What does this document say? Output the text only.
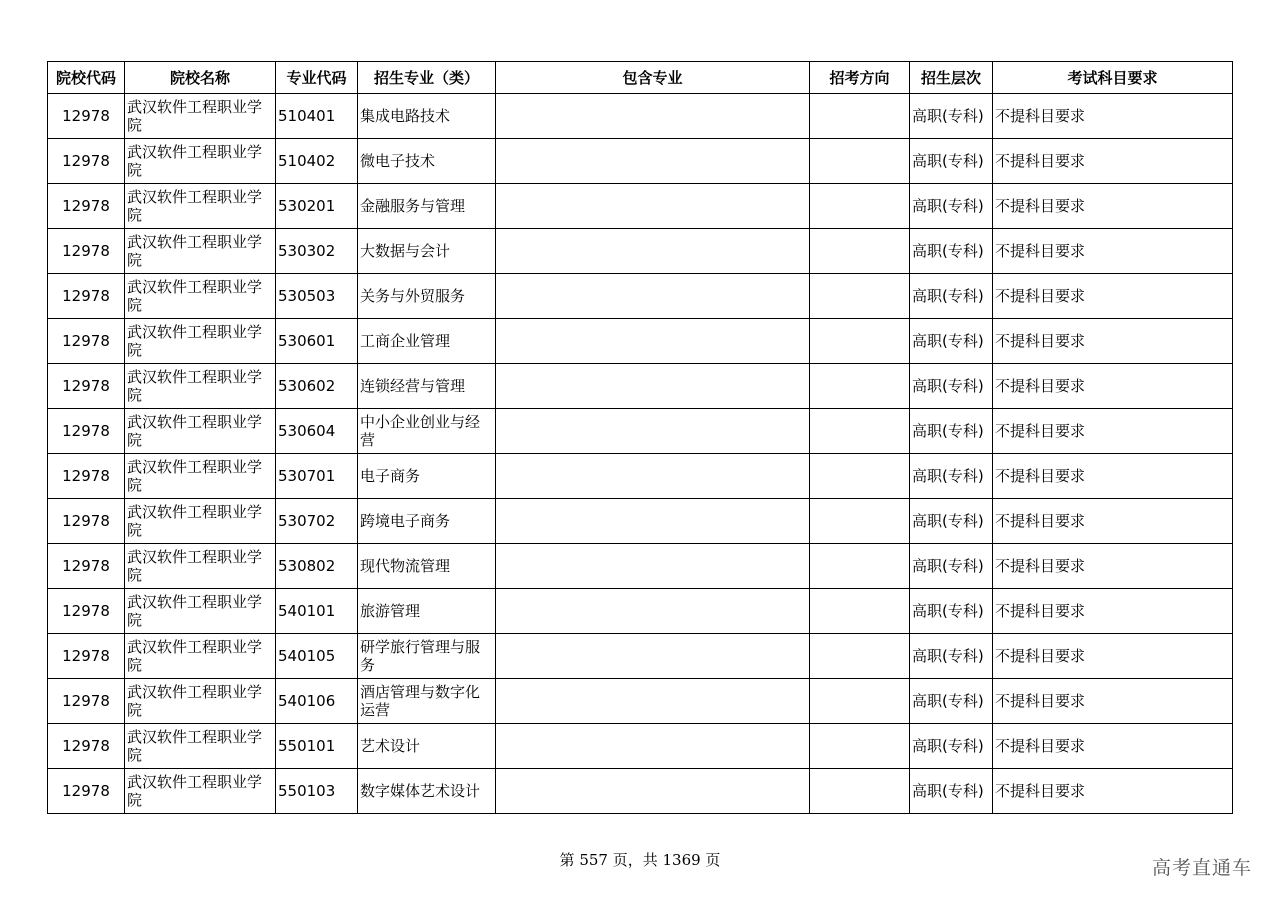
院校代码	院校名称	专业代码	招生专业（类）	包含专业	招考方向	招生层次	考试科目要求
12978	武汉软件工程职业学院	510401	集成电路技术			高职(专科)	不提科目要求
12978	武汉软件工程职业学院	510402	微电子技术			高职(专科)	不提科目要求
12978	武汉软件工程职业学院	530201	金融服务与管理			高职(专科)	不提科目要求
12978	武汉软件工程职业学院	530302	大数据与会计			高职(专科)	不提科目要求
12978	武汉软件工程职业学院	530503	关务与外贸服务			高职(专科)	不提科目要求
12978	武汉软件工程职业学院	530601	工商企业管理			高职(专科)	不提科目要求
12978	武汉软件工程职业学院	530602	连锁经营与管理			高职(专科)	不提科目要求
12978	武汉软件工程职业学院	530604	中小企业创业与经营			高职(专科)	不提科目要求
12978	武汉软件工程职业学院	530701	电子商务			高职(专科)	不提科目要求
12978	武汉软件工程职业学院	530702	跨境电子商务			高职(专科)	不提科目要求
12978	武汉软件工程职业学院	530802	现代物流管理			高职(专科)	不提科目要求
12978	武汉软件工程职业学院	540101	旅游管理			高职(专科)	不提科目要求
12978	武汉软件工程职业学院	540105	研学旅行管理与服务			高职(专科)	不提科目要求
12978	武汉软件工程职业学院	540106	酒店管理与数字化运营			高职(专科)	不提科目要求
12978	武汉软件工程职业学院	550101	艺术设计			高职(专科)	不提科目要求
12978	武汉软件工程职业学院	550103	数字媒体艺术设计			高职(专科)	不提科目要求
第 557 页，共 1369 页	高考直通车
